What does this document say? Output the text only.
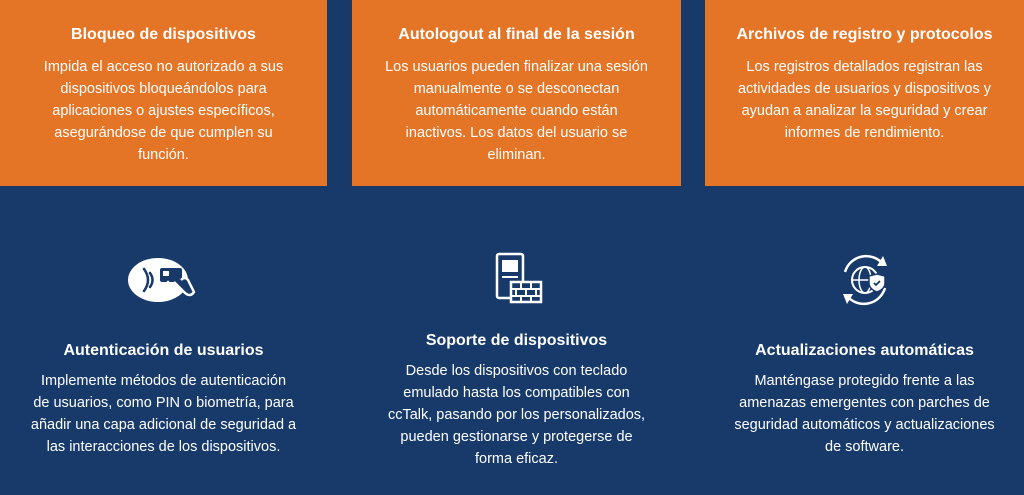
Bloqueo de dispositivos

Impida el acceso no autorizado a sus
dispositivos bloqueándolos para
aplicaciones o ajustes específicos,
asegurándose de que cumplen su
función.

Autologout al final de la sesión

Los usuarios pueden finalizar una sesión
manualmente o se desconectan
automáticamente cuando están
inactivos. Los datos del usuario se
eliminan.

Archivos de registro y protocolos

Los registros detallados registran las
actividades de usuarios y dispositivos y
ayudan a analizar la seguridad y crear
informes de rendimiento.

Autenticación de usuarios

Implemente métodos de autenticación
de usuarios, como PIN o biometría, para
añadir una capa adicional de seguridad a
las interacciones de los dispositivos.

Soporte de dispositivos

Desde los dispositivos con teclado
emulado hasta los compatibles con
ccTalk, pasando por los personalizados,
pueden gestionarse y protegerse de
forma eficaz.

Actualizaciones automáticas

Manténgase protegido frente a las
amenazas emergentes con parches de
seguridad automáticos y actualizaciones
de software.
